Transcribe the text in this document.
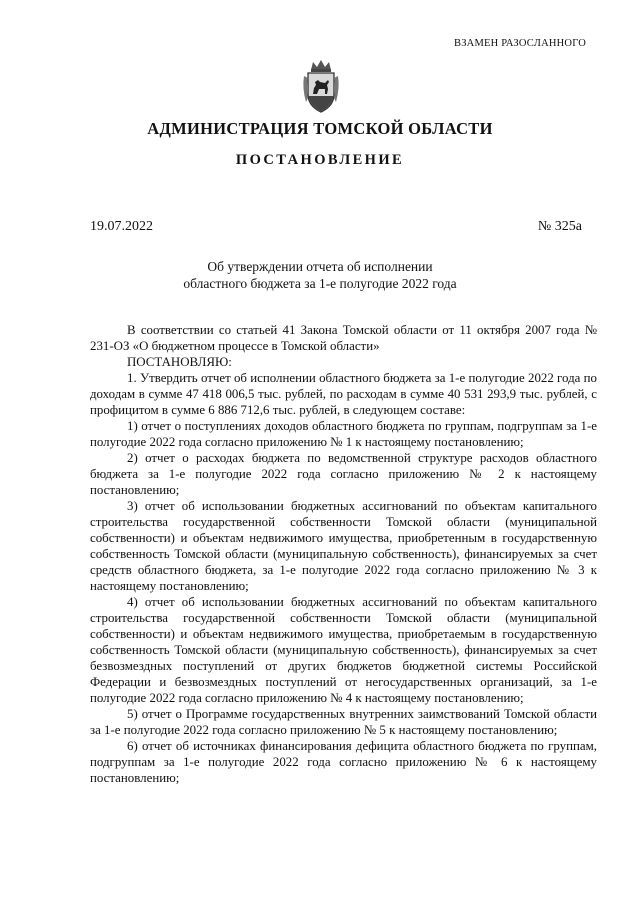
ВЗАМЕН РАЗОСЛАННОГО
АДМИНИСТРАЦИЯ ТОМСКОЙ ОБЛАСТИ
ПОСТАНОВЛЕНИЕ
19.07.2022	№ 325а
Об утверждении отчета об исполнении
областного бюджета за 1-е полугодие 2022 года

В соответствии со статьей 41 Закона Томской области от 11 октября 2007 года № 231-ОЗ «О бюджетном процессе в Томской области»

ПОСТАНОВЛЯЮ:

1. Утвердить отчет об исполнении областного бюджета за 1-е полугодие 2022 года по доходам в сумме 47 418 006,5 тыс. рублей, по расходам в сумме 40 531 293,9 тыс. рублей, с профицитом в сумме 6 886 712,6 тыс. рублей, в следующем составе:

1) отчет о поступлениях доходов областного бюджета по группам, подгруппам за 1-е полугодие 2022 года согласно приложению № 1 к настоящему постановлению;

2) отчет о расходах бюджета по ведомственной структуре расходов областного бюджета за 1-е полугодие 2022 года согласно приложению № 2 к настоящему постановлению;

3) отчет об использовании бюджетных ассигнований по объектам капитального строительства государственной собственности Томской области (муниципальной собственности) и объектам недвижимого имущества, приобретенным в государственную собственность Томской области (муниципальную собственность), финансируемых за счет средств областного бюджета, за 1-е полугодие 2022 года согласно приложению № 3 к настоящему постановлению;

4) отчет об использовании бюджетных ассигнований по объектам капитального строительства государственной собственности Томской области (муниципальной собственности) и объектам недвижимого имущества, приобретаемым в государственную собственность Томской области (муниципальную собственность), финансируемых за счет безвозмездных поступлений от других бюджетов бюджетной системы Российской Федерации и безвозмездных поступлений от негосударственных организаций, за 1-е полугодие 2022 года согласно приложению № 4 к настоящему постановлению;

5) отчет о Программе государственных внутренних заимствований Томской области за 1-е полугодие 2022 года согласно приложению № 5 к настоящему постановлению;

6) отчет об источниках финансирования дефицита областного бюджета по группам, подгруппам за 1-е полугодие 2022 года согласно приложению № 6 к настоящему постановлению;
